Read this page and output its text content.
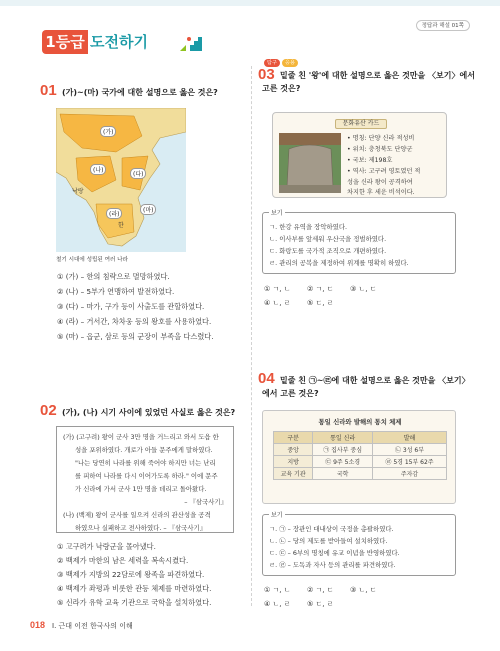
정답과 해설 01쪽
1등급 도전하기
01 (가)~(마) 국가에 대한 설명으로 옳은 것은?
(가)
(나)
(다)
(라)
(마)
한
낙랑
철기 시대에 성립된 여러 나라
① (가) – 한의 침략으로 멸망하였다.
② (나) – 5부가 연맹하여 발전하였다.
③ (다) – 마가, 구가 등이 사출도를 관할하였다.
④ (라) – 거서간, 차차웅 등의 왕호를 사용하였다.
⑤ (마) – 읍군, 삼로 등의 군장이 부족을 다스렸다.
02 (가), (나) 시기 사이에 있었던 사실로 옳은 것은?
(가) (고구려) 왕이 군사 3만 명을 거느리고 와서 도읍 한
성을 포위하였다. 개로가 아들 문주에게 말하였다.
"나는 당연히 나라를 위해 죽어야 하지만 너는 난리
를 피하여 나라를 다시 이어가도록 하라." 이에 문주
가 신라에 가서 군사 1만 명을 데리고 돌아왔다.
– 『삼국사기』
(나) (백제) 왕이 군사를 일으켜 신라의 관산성을 공격
하였으나 실패하고 전사하였다. – 『삼국사기』
① 고구려가 낙랑군을 몰아냈다.
② 백제가 마한의 남은 세력을 복속시켰다.
③ 백제가 지방의 22담로에 왕족을 파견하였다.
④ 백제가 좌평과 비롯한 관등 체제를 마련하였다.
⑤ 신라가 유학 교육 기관으로 국학을 설치하였다.
탐구	응용
03 밑줄 친 '왕'에 대한 설명으로 옳은 것만을 〈보기〉에서
고른 것은?
문화유산 카드
• 명칭: 단양 신라 적성비
• 위치: 충청북도 단양군
• 국보: 제198호
• 역사: 고구려 영토였던 적
성을 신라 왕이 공격하여
차지한 후 세운 비석이다.
보기
ㄱ. 한강 유역을 장악하였다.
ㄴ. 이사부를 앞세워 우산국을 정벌하였다.
ㄷ. 화랑도를 국가적 조직으로 개편하였다.
ㄹ. 관리의 공복을 제정하여 위계를 명확히 하였다.
① ㄱ, ㄴ ② ㄱ, ㄷ ③ ㄴ, ㄷ
④ ㄴ, ㄹ ⑤ ㄷ, ㄹ
04 밑줄 친 ㉠~㉣에 대한 설명으로 옳은 것만을 〈보기〉
에서 고른 것은?
통일 신라와 발해의 통치 체제
구분	통일 신라	발해
중앙	㉠ 집사부 중심	㉡ 3성 6부
지방	㉢ 9주 5소경	㉣ 5경 15부 62주
교육 기관	국학	주자감
보기
ㄱ. ㉠ – 장관인 대내상이 국정을 총괄하였다.
ㄴ. ㉡ – 당의 제도를 받아들여 설치하였다.
ㄷ. ㉢ – 6부의 명칭에 유교 이념을 반영하였다.
ㄹ. ㉣ – 도독과 자사 등의 관리를 파견하였다.
① ㄱ, ㄴ ② ㄱ, ㄷ ③ ㄴ, ㄷ
④ ㄴ, ㄹ ⑤ ㄷ, ㄹ
018 I. 근대 이전 한국사의 이해
